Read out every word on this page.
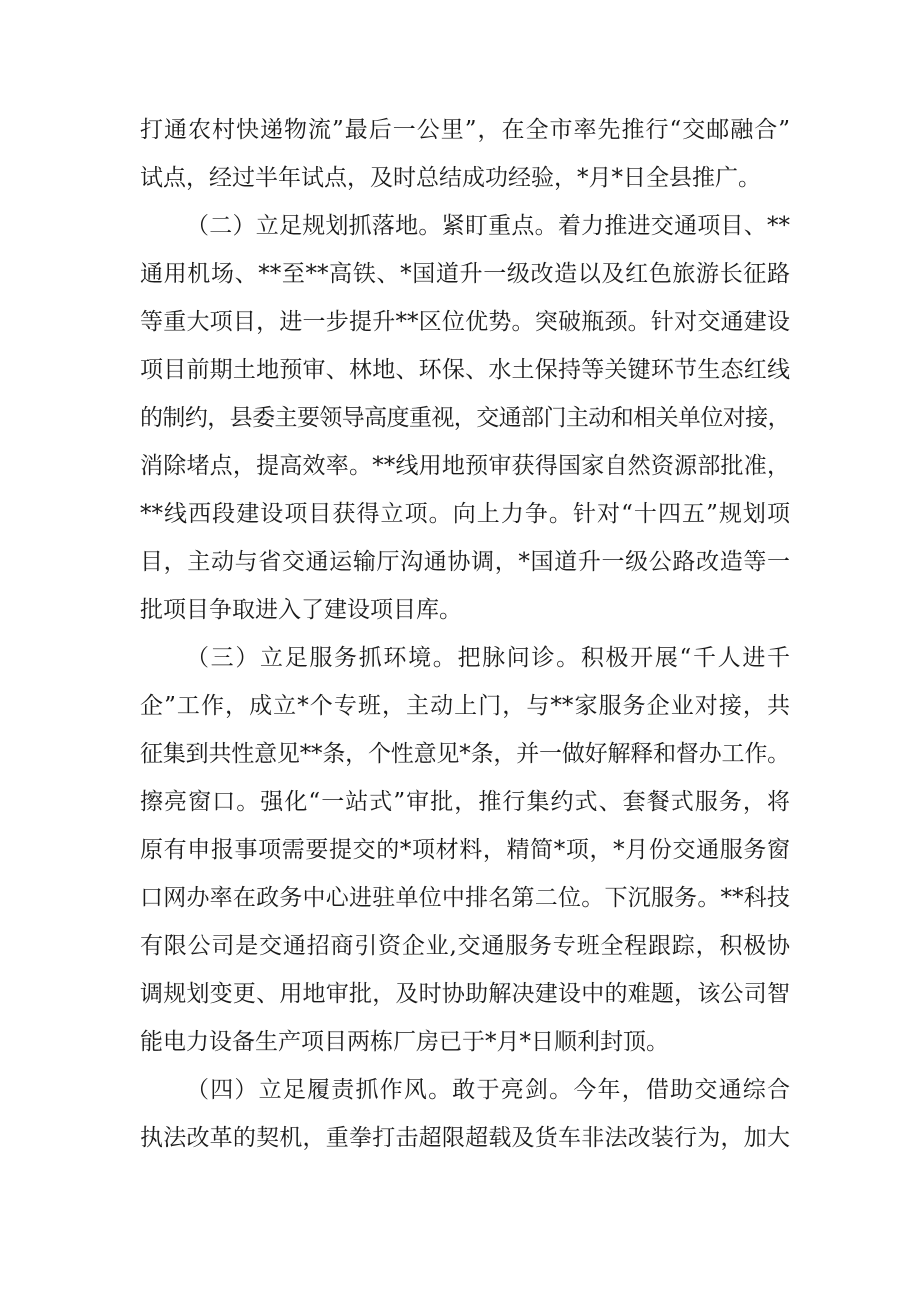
打通农村快递物流”最后一公里”，在全市率先推行“交邮融合”
试点，经过半年试点，及时总结成功经验，*月*日全县推广。
（二）立足规划抓落地。紧盯重点。着力推进交通项目、**
通用机场、**至**高铁、*国道升一级改造以及红色旅游长征路
等重大项目，进一步提升**区位优势。突破瓶颈。针对交通建设
项目前期土地预审、林地、环保、水土保持等关键环节生态红线
的制约，县委主要领导高度重视，交通部门主动和相关单位对接，
消除堵点，提高效率。**线用地预审获得国家自然资源部批准，
**线西段建设项目获得立项。向上力争。针对“十四五”规划项
目，主动与省交通运输厅沟通协调，*国道升一级公路改造等一
批项目争取进入了建设项目库。
（三）立足服务抓环境。把脉问诊。积极开展“千人进千
企”工作，成立*个专班，主动上门，与**家服务企业对接，共
征集到共性意见**条，个性意见*条，并一做好解释和督办工作。
擦亮窗口。强化“一站式”审批，推行集约式、套餐式服务，将
原有申报事项需要提交的*项材料，精简*项，*月份交通服务窗
口网办率在政务中心进驻单位中排名第二位。下沉服务。**科技
有限公司是交通招商引资企业,交通服务专班全程跟踪，积极协
调规划变更、用地审批，及时协助解决建设中的难题，该公司智
能电力设备生产项目两栋厂房已于*月*日顺利封顶。
（四）立足履责抓作风。敢于亮剑。今年，借助交通综合
执法改革的契机，重拳打击超限超载及货车非法改装行为，加大
